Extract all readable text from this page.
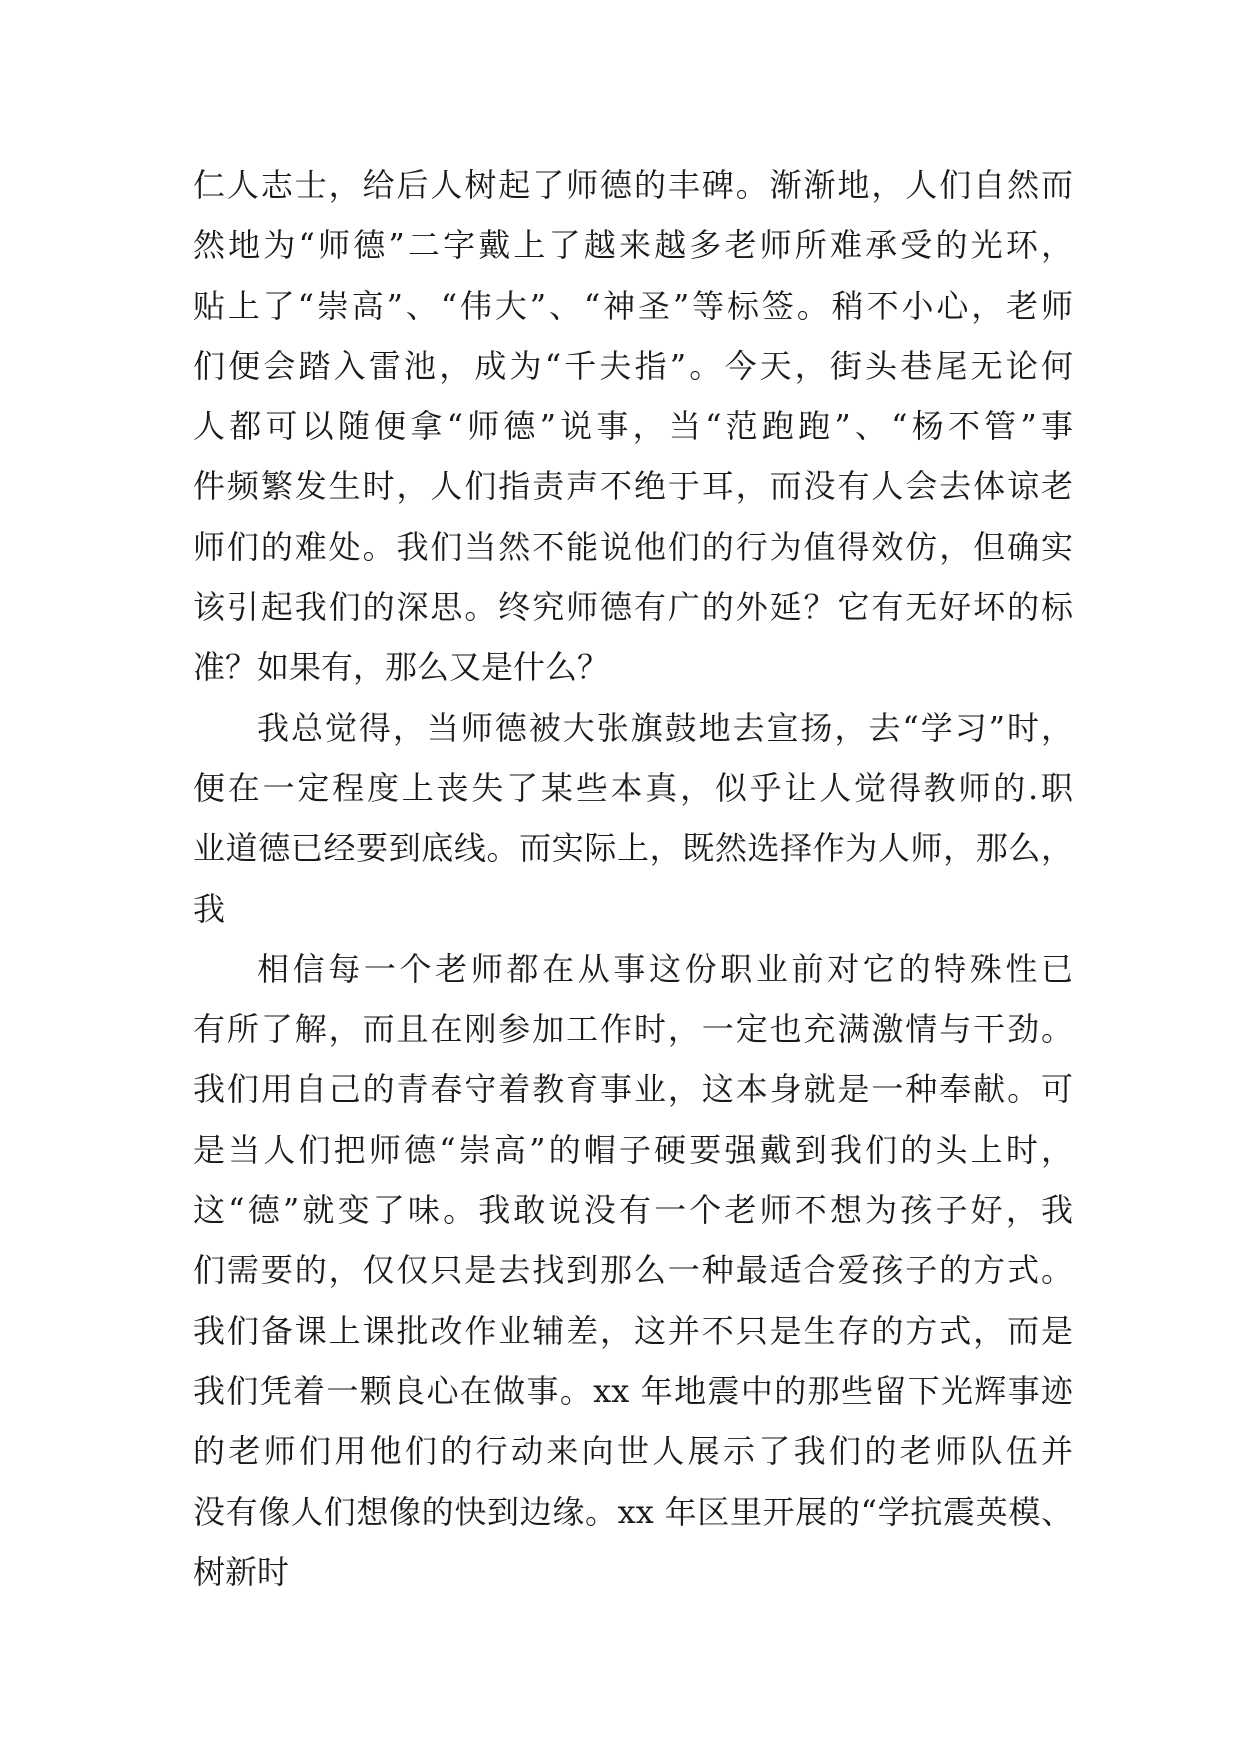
仁人志士，给后人树起了师德的丰碑。渐渐地，人们自然而
然地为“师德”二字戴上了越来越多老师所难承受的光环，
贴上了“崇高”、“伟大”、“神圣”等标签。稍不小心，老师
们便会踏入雷池，成为“千夫指”。今天，街头巷尾无论何
人都可以随便拿“师德”说事，当“范跑跑”、“杨不管”事
件频繁发生时，人们指责声不绝于耳，而没有人会去体谅老
师们的难处。我们当然不能说他们的行为值得效仿，但确实
该引起我们的深思。终究师德有广的外延？它有无好坏的标
准？如果有，那么又是什么？

我总觉得，当师德被大张旗鼓地去宣扬，去“学习”时，
便在一定程度上丧失了某些本真，似乎让人觉得教师的.职
业道德已经要到底线。而实际上，既然选择作为人师，那么，
我

相信每一个老师都在从事这份职业前对它的特殊性已
有所了解，而且在刚参加工作时，一定也充满激情与干劲。
我们用自己的青春守着教育事业，这本身就是一种奉献。可
是当人们把师德“崇高”的帽子硬要强戴到我们的头上时，
这“德”就变了味。我敢说没有一个老师不想为孩子好，我
们需要的，仅仅只是去找到那么一种最适合爱孩子的方式。
我们备课上课批改作业辅差，这并不只是生存的方式，而是
我们凭着一颗良心在做事。xx 年地震中的那些留下光辉事迹
的老师们用他们的行动来向世人展示了我们的老师队伍并
没有像人们想像的快到边缘。xx 年区里开展的“学抗震英模、
树新时
